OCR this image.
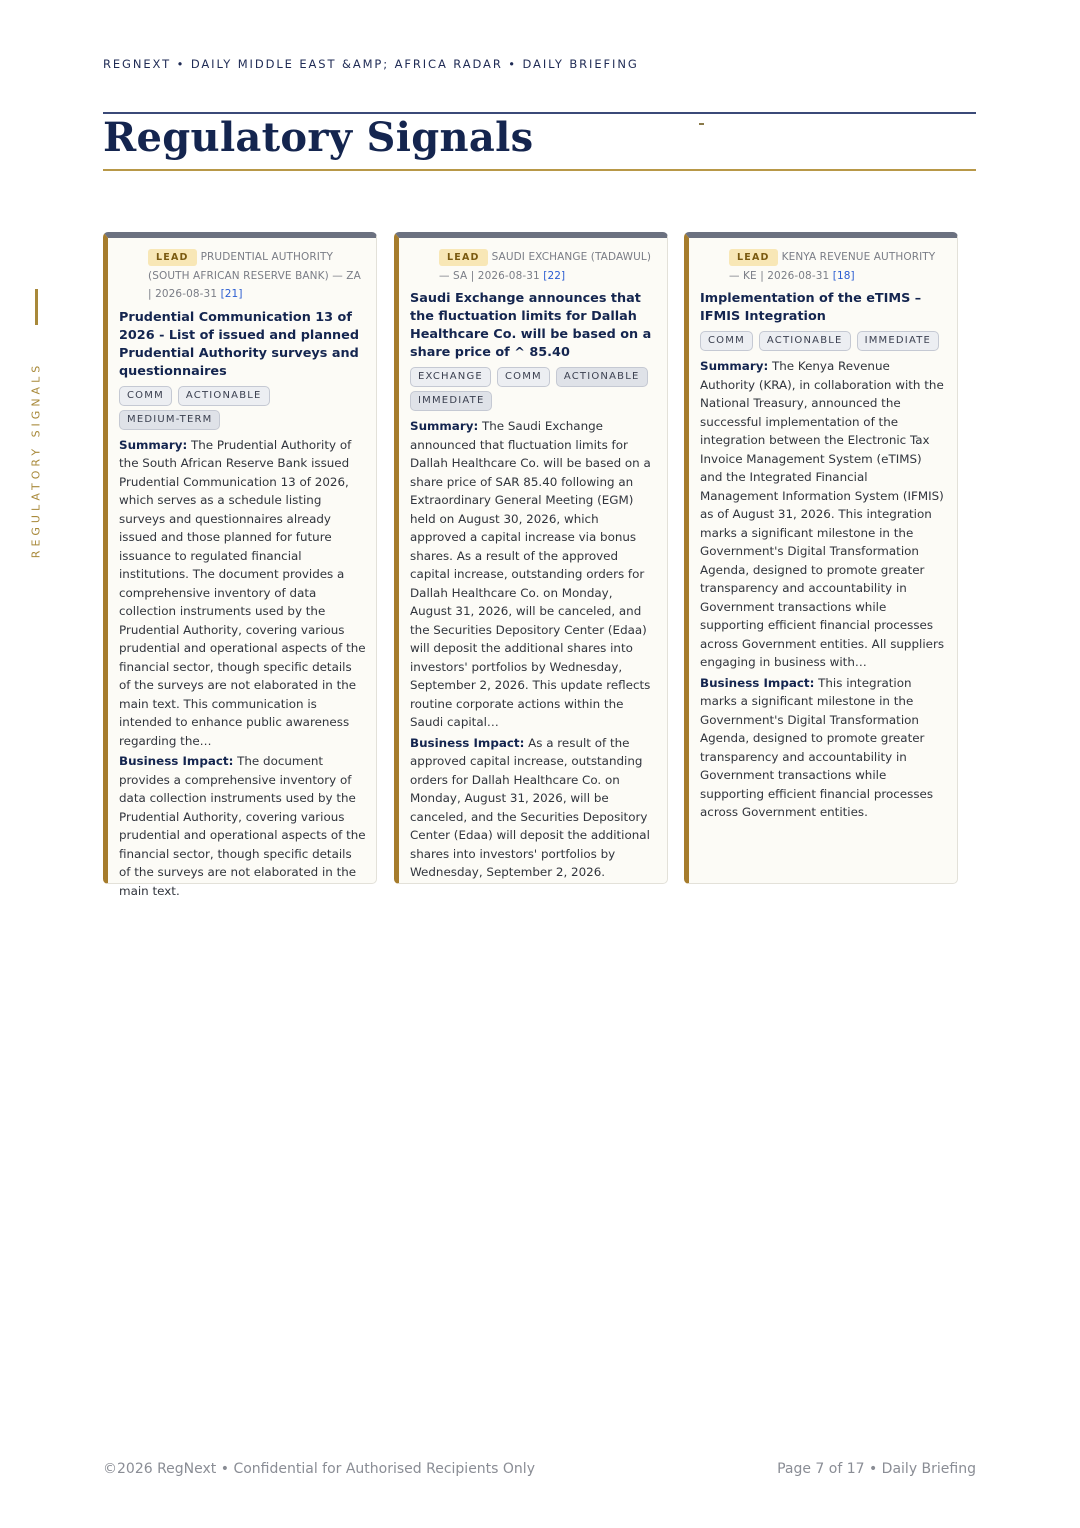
REGNEXT • DAILY MIDDLE EAST &AMP; AFRICA RADAR • DAILY BRIEFING
Regulatory Signals
REGULATORY SIGNALS
LEAD PRUDENTIAL AUTHORITY (SOUTH AFRICAN RESERVE BANK) — ZA | 2026-08-31 [21]
Prudential Communication 13 of 2026 - List of issued and planned Prudential Authority surveys and questionnaires
COMM ACTIONABLEMEDIUM-TERM
Summary: The Prudential Authority of the South African Reserve Bank issued Prudential Communication 13 of 2026, which serves as a schedule listing surveys and questionnaires already issued and those planned for future issuance to regulated financial institutions. The document provides a comprehensive inventory of data collection instruments used by the Prudential Authority, covering various prudential and operational aspects of the financial sector, though specific details of the surveys are not elaborated in the main text. This communication is intended to enhance public awareness regarding the…
Business Impact: The document provides a comprehensive inventory of data collection instruments used by the Prudential Authority, covering various prudential and operational aspects of the financial sector, though specific details of the surveys are not elaborated in the main text.
LEAD SAUDI EXCHANGE (TADAWUL) — SA | 2026-08-31 [22]
Saudi Exchange announces that the fluctuation limits for Dallah Healthcare Co. will be based on a share price of ^ 85.40
EXCHANGE COMM ACTIONABLEIMMEDIATE
Summary: The Saudi Exchange announced that fluctuation limits for Dallah Healthcare Co. will be based on a share price of SAR 85.40 following an Extraordinary General Meeting (EGM) held on August 30, 2026, which approved a capital increase via bonus shares. As a result of the approved capital increase, outstanding orders for Dallah Healthcare Co. on Monday, August 31, 2026, will be canceled, and the Securities Depository Center (Edaa) will deposit the additional shares into investors' portfolios by Wednesday, September 2, 2026. This update reflects routine corporate actions within the Saudi capital…
Business Impact: As a result of the approved capital increase, outstanding orders for Dallah Healthcare Co. on Monday, August 31, 2026, will be canceled, and the Securities Depository Center (Edaa) will deposit the additional shares into investors' portfolios by Wednesday, September 2, 2026.
LEAD KENYA REVENUE AUTHORITY — KE | 2026-08-31 [18]
Implementation of the eTIMS – IFMIS Integration
COMM ACTIONABLE IMMEDIATE
Summary: The Kenya Revenue Authority (KRA), in collaboration with the National Treasury, announced the successful implementation of the integration between the Electronic Tax Invoice Management System (eTIMS) and the Integrated Financial Management Information System (IFMIS) as of August 31, 2026. This integration marks a significant milestone in the Government's Digital Transformation Agenda, designed to promote greater transparency and accountability in Government transactions while supporting efficient financial processes across Government entities. All suppliers engaging in business with…
Business Impact: This integration marks a significant milestone in the Government's Digital Transformation Agenda, designed to promote greater transparency and accountability in Government transactions while supporting efficient financial processes across Government entities.
©2026 RegNext • Confidential for Authorised Recipients Only	Page 7 of 17 • Daily Briefing
